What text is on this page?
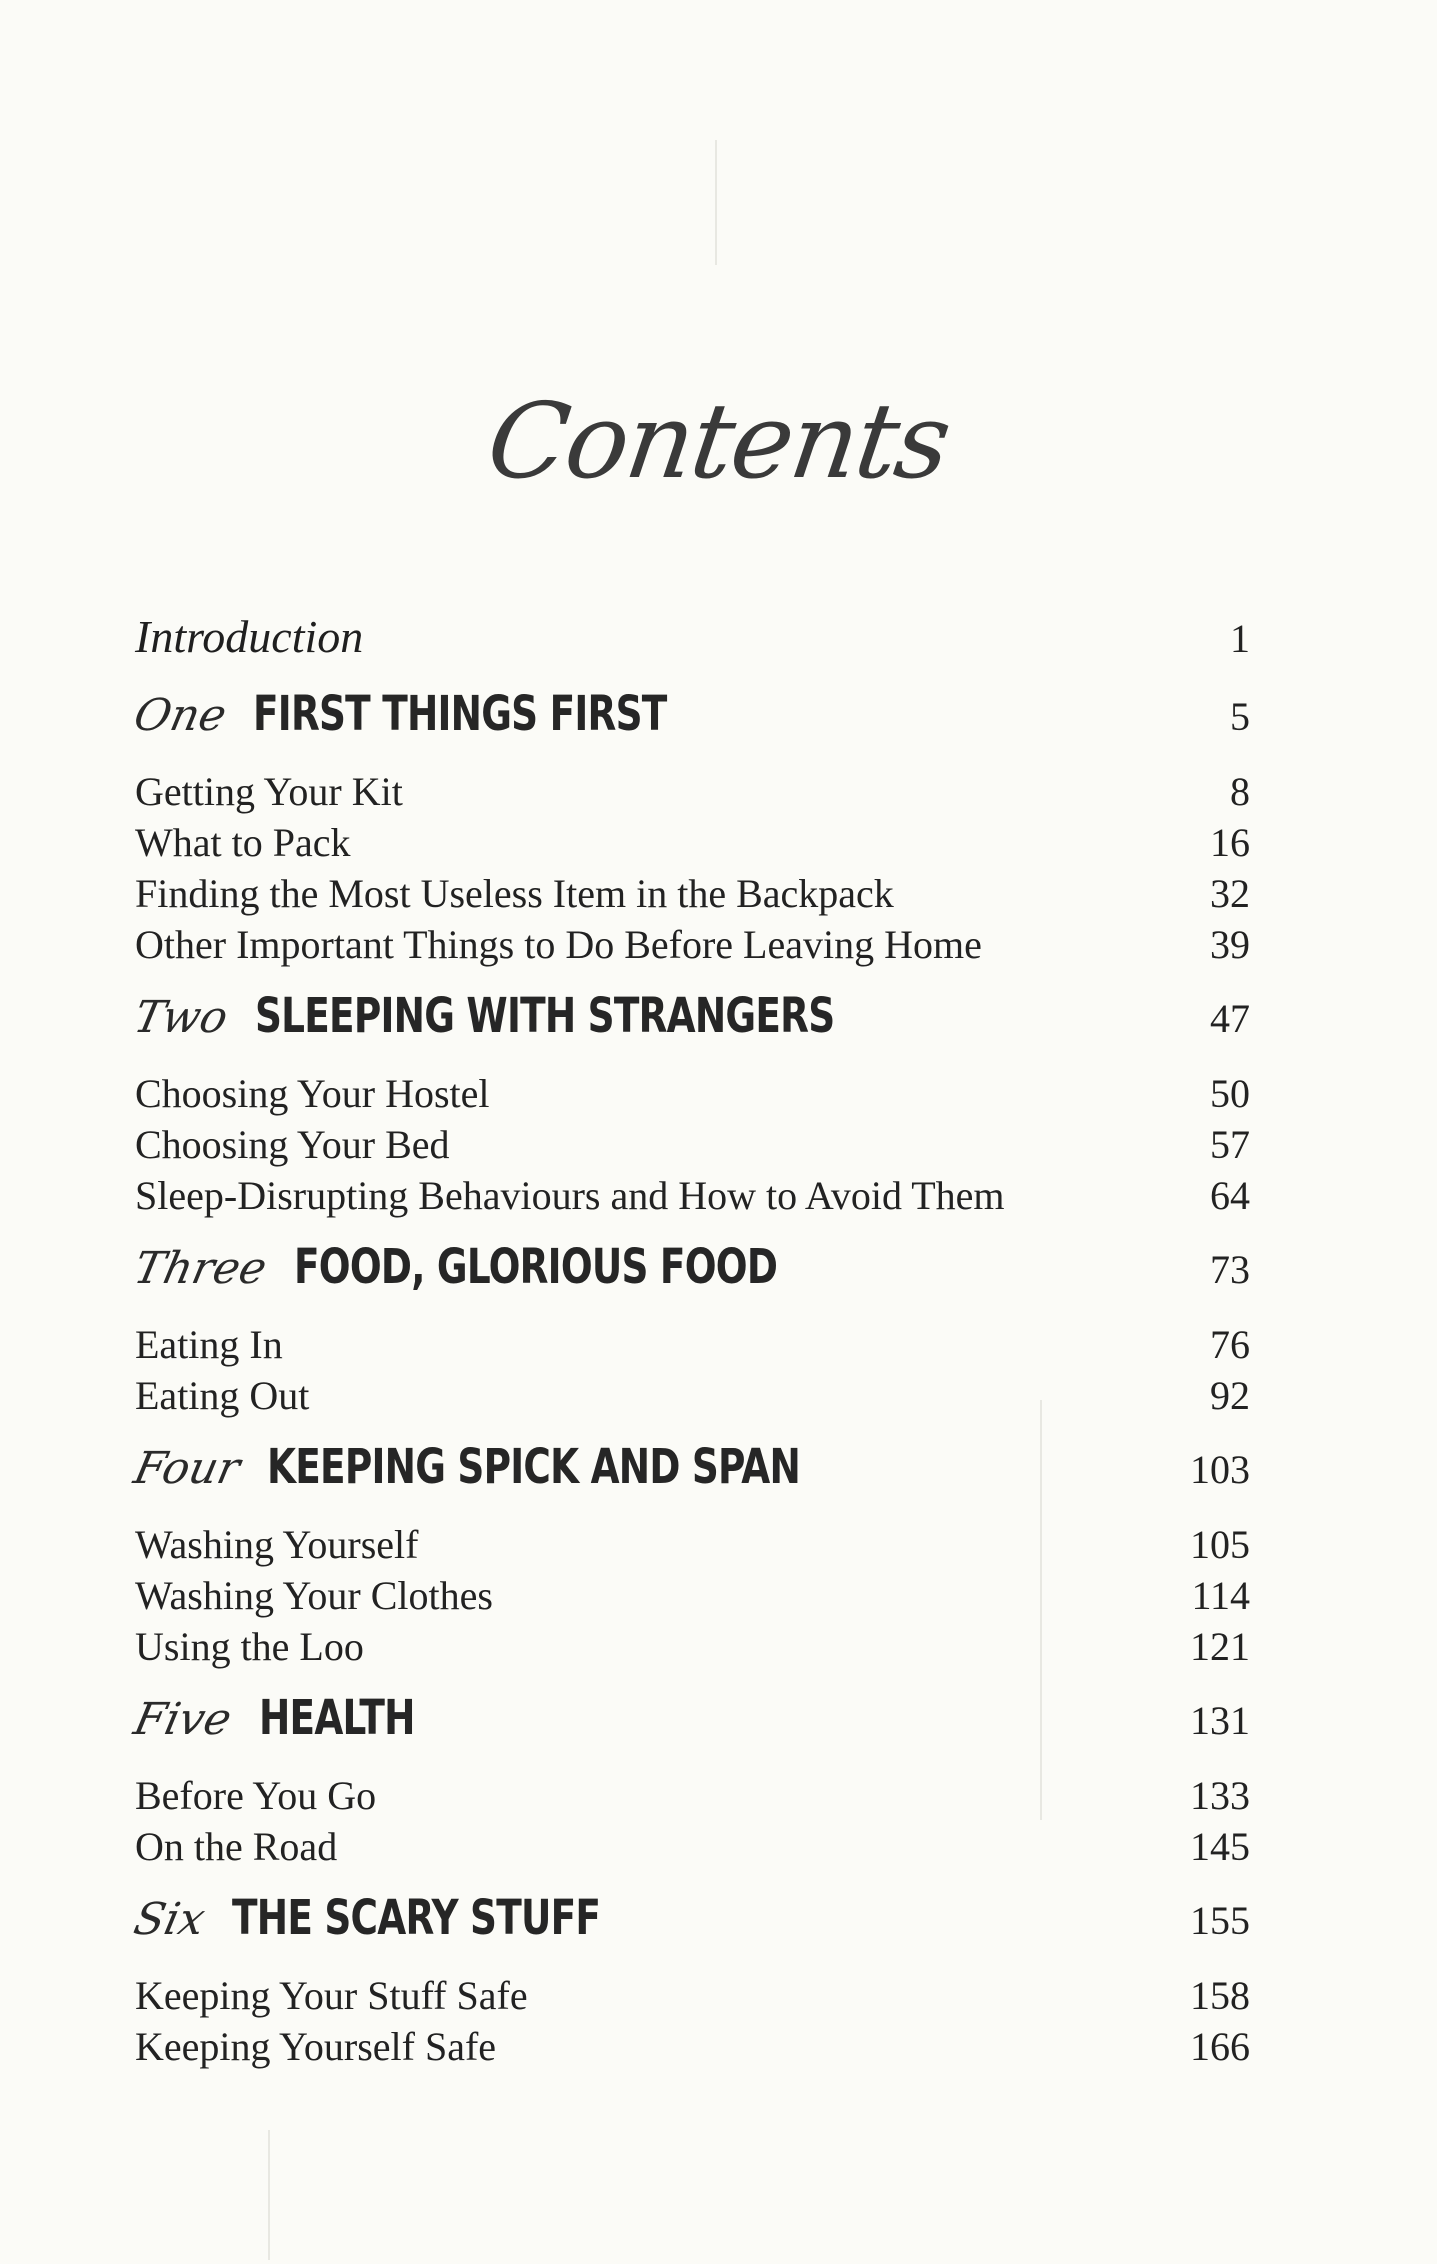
Contents
Introduction	1
One FIRST THINGS FIRST	5
Getting Your Kit	8
What to Pack	16
Finding the Most Useless Item in the Backpack	32
Other Important Things to Do Before Leaving Home	39
Two SLEEPING WITH STRANGERS	47
Choosing Your Hostel	50
Choosing Your Bed	57
Sleep-Disrupting Behaviours and How to Avoid Them	64
Three FOOD, GLORIOUS FOOD	73
Eating In	76
Eating Out	92
Four KEEPING SPICK AND SPAN	103
Washing Yourself	105
Washing Your Clothes	114
Using the Loo	121
Five HEALTH	131
Before You Go	133
On the Road	145
Six THE SCARY STUFF	155
Keeping Your Stuff Safe	158
Keeping Yourself Safe	166
